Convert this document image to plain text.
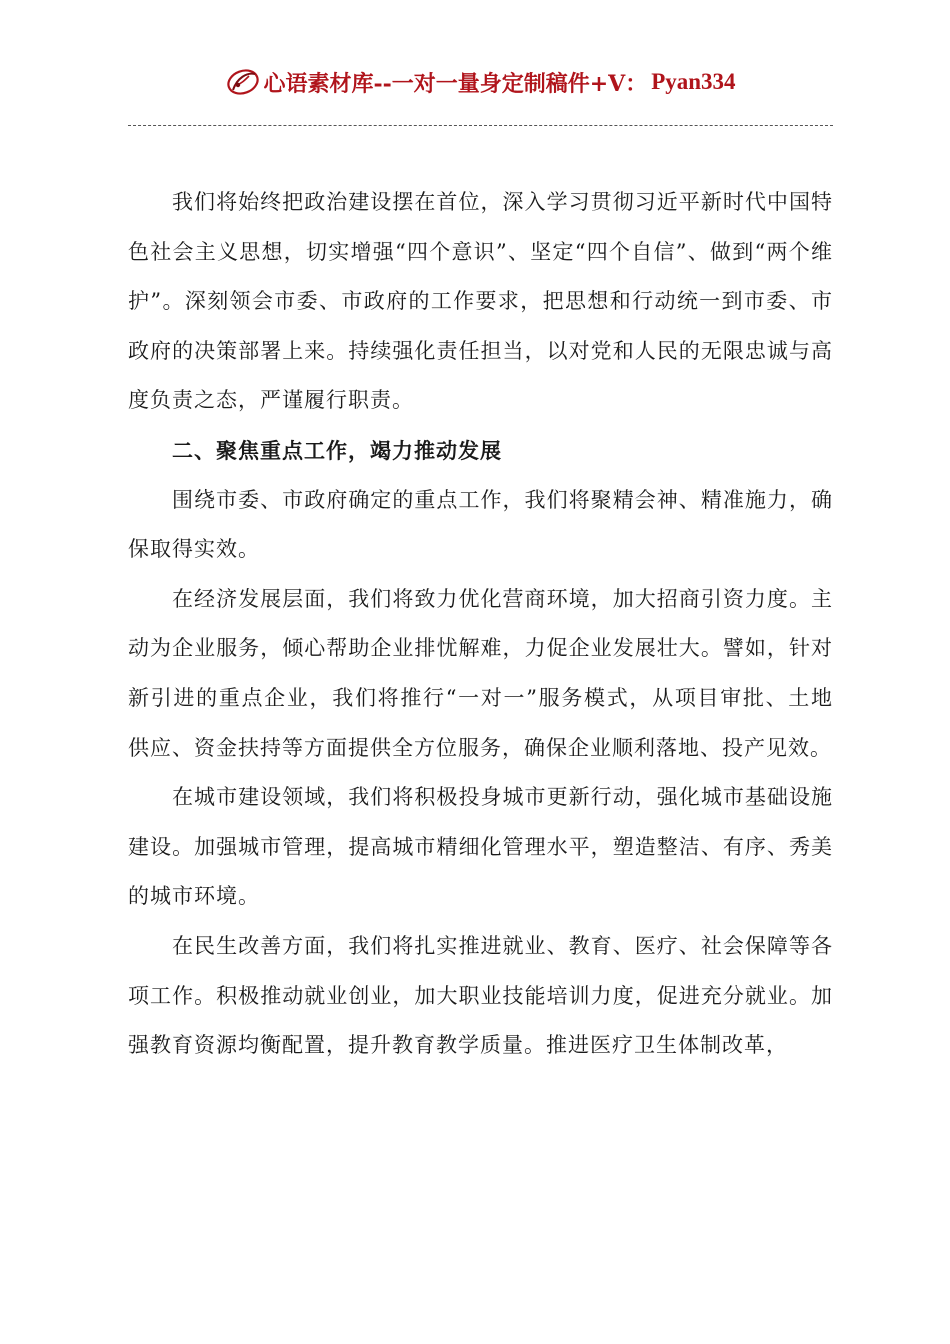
心语素材库 --一对一量身定制稿件+V： Pyan334

我们将始终把政治建设摆在首位，深入学习贯彻习近平新时代中国特色社会主义思想，切实增强“四个意识”、坚定“四个自信”、做到“两个维护”。深刻领会市委、市政府的工作要求，把思想和行动统一到市委、市政府的决策部署上来。持续强化责任担当，以对党和人民的无限忠诚与高度负责之态，严谨履行职责。

二、聚焦重点工作，竭力推动发展

围绕市委、市政府确定的重点工作，我们将聚精会神、精准施力，确保取得实效。

在经济发展层面，我们将致力优化营商环境，加大招商引资力度。主动为企业服务，倾心帮助企业排忧解难，力促企业发展壮大。譬如，针对新引进的重点企业，我们将推行“一对一”服务模式，从项目审批、土地供应、资金扶持等方面提供全方位服务，确保企业顺利落地、投产见效。

在城市建设领域，我们将积极投身城市更新行动，强化城市基础设施建设。加强城市管理，提高城市精细化管理水平，塑造整洁、有序、秀美的城市环境。

在民生改善方面，我们将扎实推进就业、教育、医疗、社会保障等各项工作。积极推动就业创业，加大职业技能培训力度，促进充分就业。加强教育资源均衡配置，提升教育教学质量。推进医疗卫生体制改革，
